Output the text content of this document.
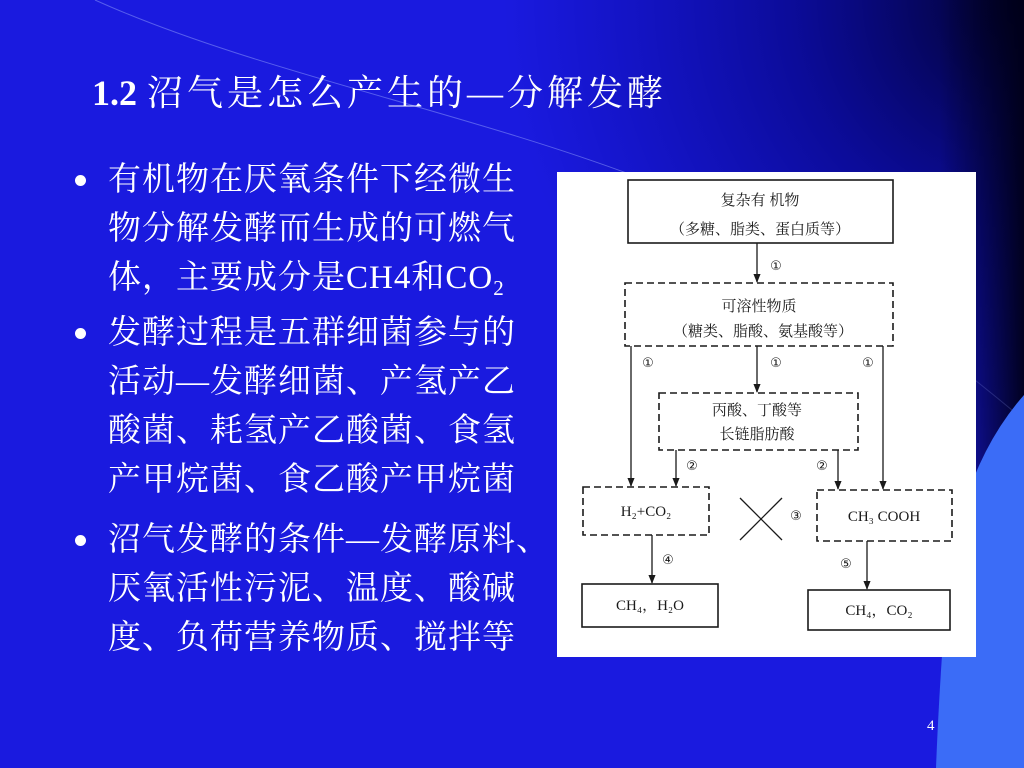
1.2 沼气是怎么产生的—分解发酵
有机物在厌氧条件下经微生
物分解发酵而生成的可燃气
体，主要成分是CH4和$CO_2$
发酵过程是五群细菌参与的
活动—发酵细菌、产氢产乙
酸菌、耗氢产乙酸菌、食氢
产甲烷菌、食乙酸产甲烷菌
沼气发酵的条件—发酵原料、
厌氧活性污泥、温度、酸碱
度、负荷营养物质、搅拌等
复杂有 机物
（多糖、脂类、蛋白质等）
①
可溶性物质
（糖类、脂酸、氨基酸等）
①	①	①
丙酸、丁酸等
长链脂肪酸
②	②
H₂+CO₂	CH₃ COOH
③
④	⑤
CH₄，H₂O	CH₄，CO₂
4
